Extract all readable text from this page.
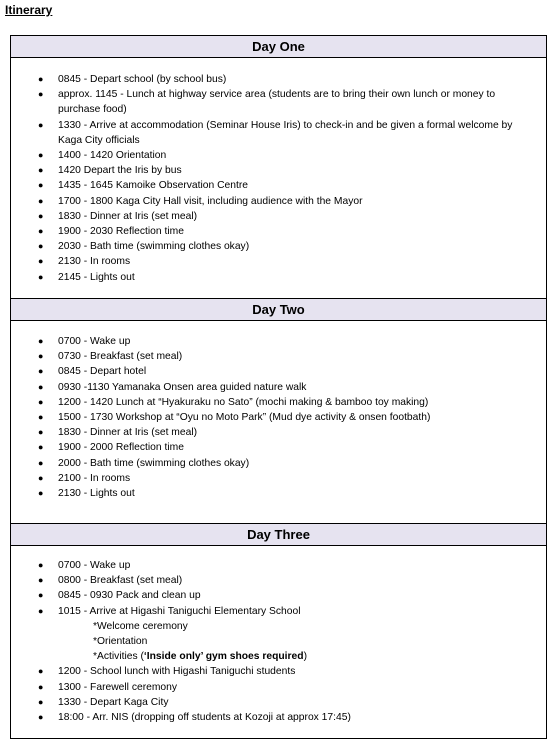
Itinerary
Day One
● 0845 - Depart school (by school bus)
● approx. 1145 - Lunch at highway service area (students are to bring their own lunch or money to purchase food)
● 1330 - Arrive at accommodation (Seminar House Iris) to check-in and be given a formal welcome by Kaga City officials
● 1400 - 1420 Orientation
● 1420 Depart the Iris by bus
● 1435 - 1645 Kamoike Observation Centre
● 1700 - 1800 Kaga City Hall visit, including audience with the Mayor
● 1830 - Dinner at Iris (set meal)
● 1900 - 2030 Reflection time
● 2030 - Bath time (swimming clothes okay)
● 2130 - In rooms
● 2145 - Lights out
Day Two
● 0700 - Wake up
● 0730 - Breakfast (set meal)
● 0845 - Depart hotel
● 0930 -1130 Yamanaka Onsen area guided nature walk
● 1200 - 1420 Lunch at “Hyakuraku no Sato” (mochi making & bamboo toy making)
● 1500 - 1730 Workshop at “Oyu no Moto Park” (Mud dye activity & onsen footbath)
● 1830 - Dinner at Iris (set meal)
● 1900 - 2000 Reflection time
● 2000 - Bath time (swimming clothes okay)
● 2100 - In rooms
● 2130 - Lights out
Day Three
● 0700 - Wake up
● 0800 - Breakfast (set meal)
● 0845 - 0930 Pack and clean up
● 1015 - Arrive at Higashi Taniguchi Elementary School
*Welcome ceremony
*Orientation
*Activities (‘Inside only’ gym shoes required)
● 1200 - School lunch with Higashi Taniguchi students
● 1300 - Farewell ceremony
● 1330 - Depart Kaga City
● 18:00 - Arr. NIS (dropping off students at Kozoji at approx 17:45)
